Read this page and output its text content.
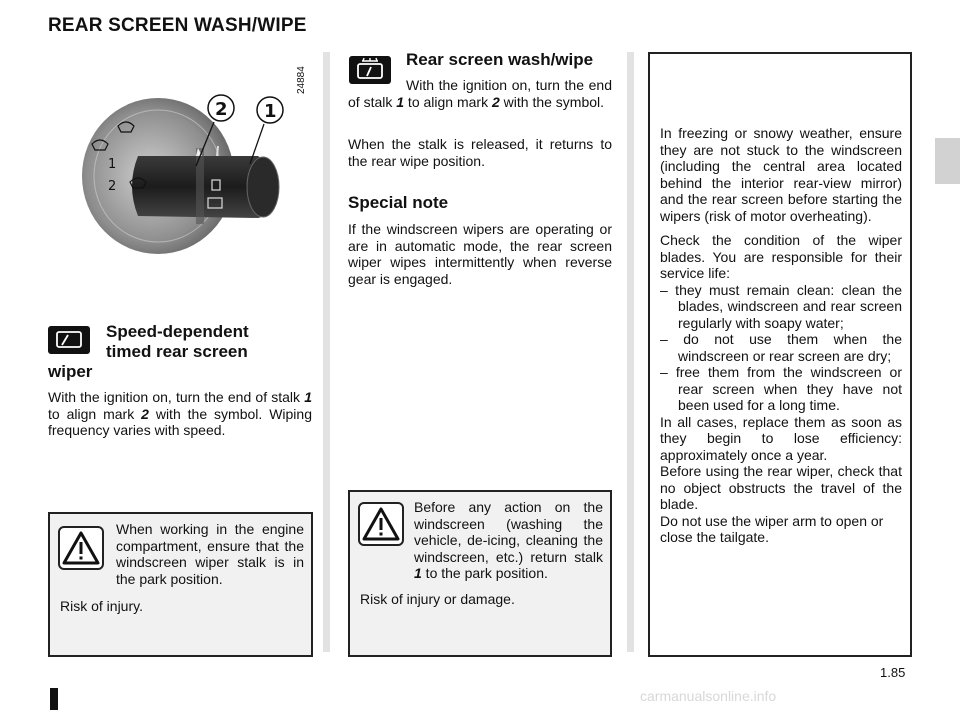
REAR SCREEN WASH/WIPE
1
2
2 1
24884
Speed-dependent
timed rear screen
wiper
With the ignition on, turn the end of stalk 1 to align mark 2 with the symbol. Wiping frequency varies with speed.
When working in the engine compartment, ensure that the windscreen wiper stalk is in the park position.
Risk of injury.
Rear screen wash/wipe
With the ignition on, turn the end of stalk 1 to align mark 2 with the symbol.
When the stalk is released, it returns to the rear wipe position.
Special note
If the windscreen wipers are operating or are in automatic mode, the rear screen wiper wipes intermittently when reverse gear is engaged.
Before any action on the windscreen (washing the vehicle, de-icing, cleaning the windscreen, etc.) return stalk 1 to the park position.
Risk of injury or damage.
In freezing or snowy weather, ensure they are not stuck to the windscreen (including the central area located behind the interior rear-view mirror) and the rear screen before starting the wipers (risk of motor overheating).
Check the condition of the wiper blades. You are responsible for their service life:
– they must remain clean: clean the blades, windscreen and rear screen regularly with soapy water;
– do not use them when the windscreen or rear screen are dry;
– free them from the windscreen or rear screen when they have not been used for a long time.
In all cases, replace them as soon as they begin to lose efficiency: approximately once a year.
Before using the rear wiper, check that no object obstructs the travel of the blade.
Do not use the wiper arm to open or close the tailgate.
1.85
carmanualsonline.info
